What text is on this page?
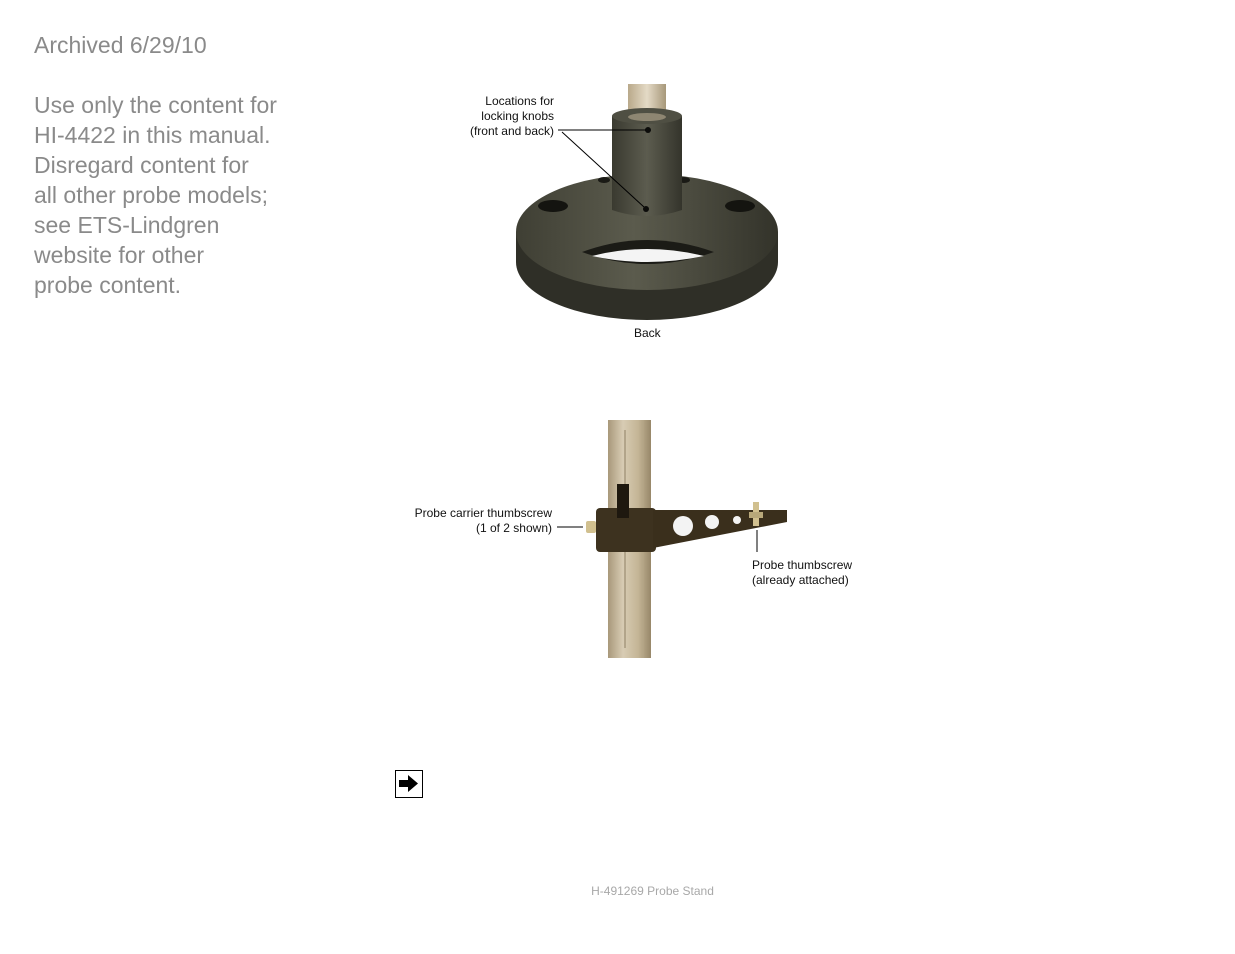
Archived 6/29/10
Use only the content for
HI-4422 in this manual.
Disregard content for
all other probe models;
see ETS-Lindgren
website for other
probe content.
Locations for
locking knobs
(front and back)
Back
Probe carrier thumbscrew
(1 of 2 shown)
Probe thumbscrew
(already attached)
H-491269 Probe Stand
